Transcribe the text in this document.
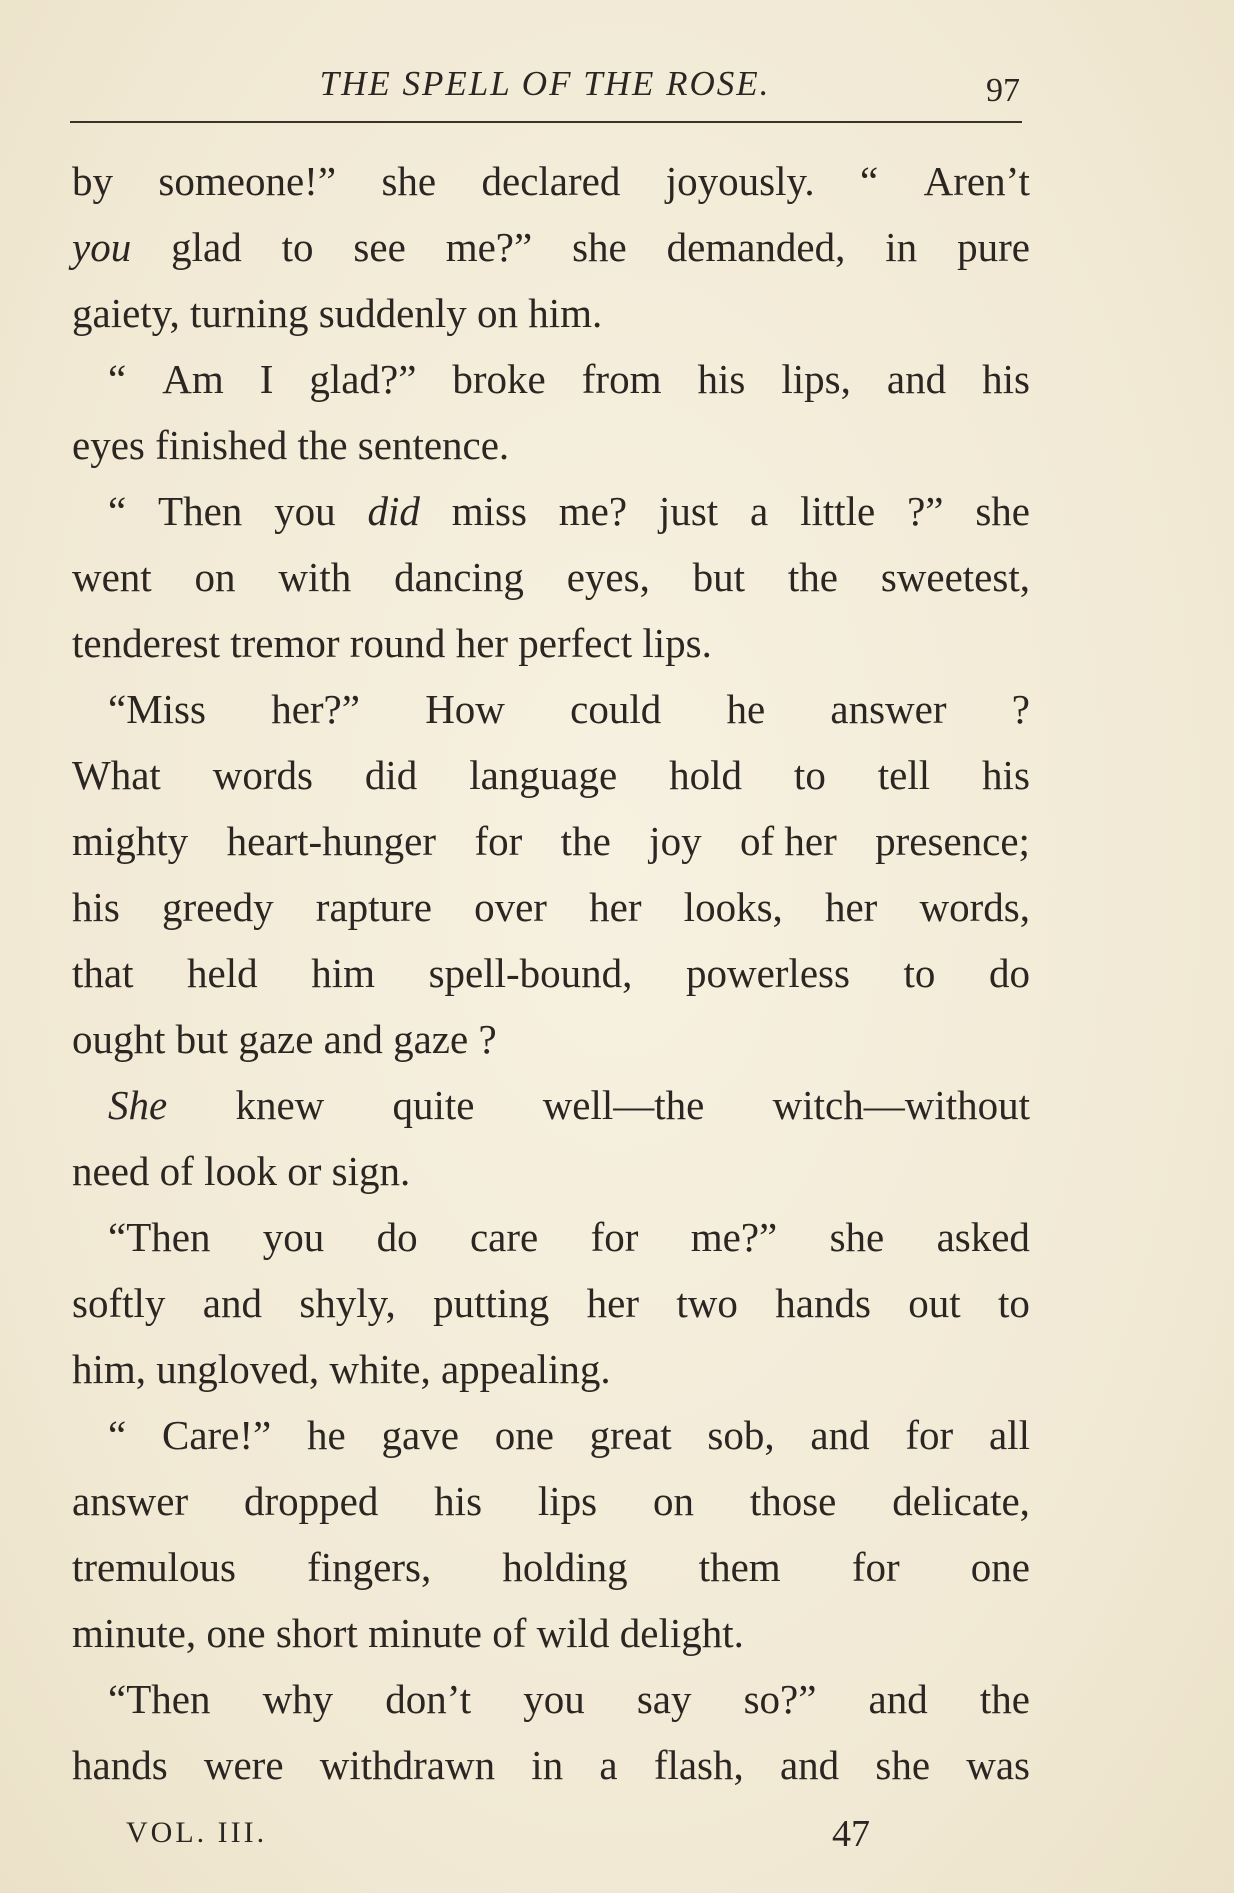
THE SPELL OF THE ROSE.	97
by someone!” she declared joyously. “ Aren’t
you glad to see me?” she demanded, in pure
gaiety, turning suddenly on him.
“ Am I glad?” broke from his lips, and his
eyes finished the sentence.
“ Then you did miss me? just a little ?” she
went on with dancing eyes, but the sweetest,
tenderest tremor round her perfect lips.
“Miss her?” How could he answer ?
What words did language hold to tell his
mighty heart-hunger for the joy of her presence;
his greedy rapture over her looks, her words,
that held him spell-bound, powerless to do
ought but gaze and gaze ?
She knew quite well—the witch—without
need of look or sign.
“Then you do care for me?” she asked
softly and shyly, putting her two hands out to
him, ungloved, white, appealing.
“ Care!” he gave one great sob, and for all
answer dropped his lips on those delicate,
tremulous fingers, holding them for one
minute, one short minute of wild delight.
“Then why don’t you say so?” and the
hands were withdrawn in a flash, and she was
VOL. III.	47
